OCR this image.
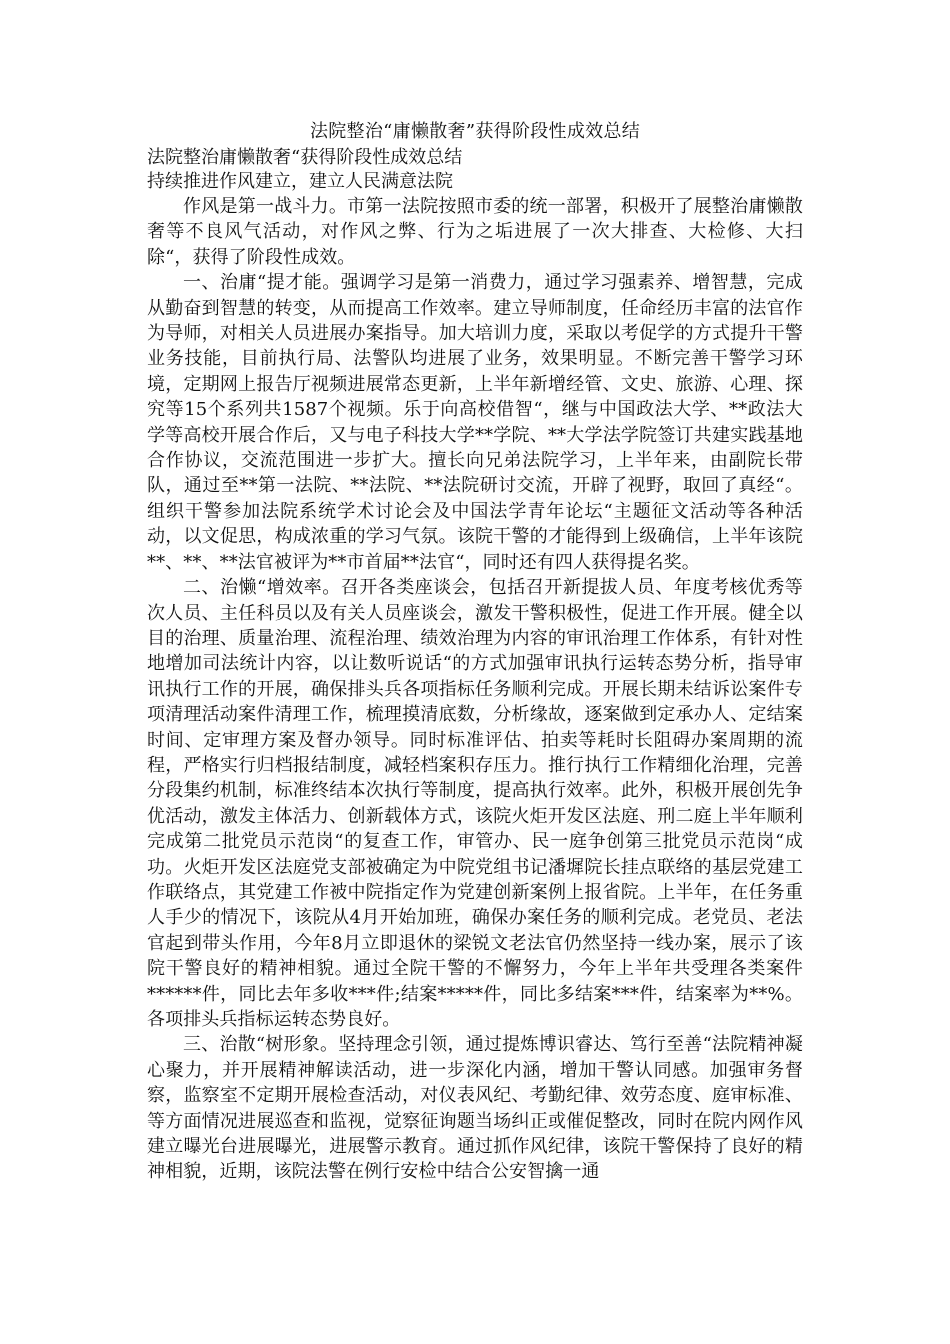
法院整治“庸懒散奢”获得阶段性成效总结

法院整治庸懒散奢“获得阶段性成效总结

持续推进作风建立，建立人民满意法院

作风是第一战斗力。市第一法院按照市委的统一部署，积极开了展整治庸懒散奢等不良风气活动，对作风之弊、行为之垢进展了一次大排查、大检修、大扫除“，获得了阶段性成效。

一、治庸“提才能。强调学习是第一消费力，通过学习强素养、增智慧，完成从勤奋到智慧的转变，从而提高工作效率。建立导师制度，任命经历丰富的法官作为导师，对相关人员进展办案指导。加大培训力度，采取以考促学的方式提升干警业务技能，目前执行局、法警队均进展了业务，效果明显。不断完善干警学习环境，定期网上报告厅视频进展常态更新，上半年新增经管、文史、旅游、心理、探究等15个系列共1587个视频。乐于向高校借智“，继与中国政法大学、**政法大学等高校开展合作后，又与电子科技大学**学院、**大学法学院签订共建实践基地合作协议，交流范围进一步扩大。擅长向兄弟法院学习，上半年来，由副院长带队，通过至**第一法院、**法院、**法院研讨交流，开辟了视野，取回了真经“。组织干警参加法院系统学术讨论会及中国法学青年论坛“主题征文活动等各种活动，以文促思，构成浓重的学习气氛。该院干警的才能得到上级确信，上半年该院**、**、**法官被评为**市首届**法官“，同时还有四人获得提名奖。

二、治懒“增效率。召开各类座谈会，包括召开新提拔人员、年度考核优秀等次人员、主任科员以及有关人员座谈会，激发干警积极性，促进工作开展。健全以目的治理、质量治理、流程治理、绩效治理为内容的审讯治理工作体系，有针对性地增加司法统计内容，以让数听说话“的方式加强审讯执行运转态势分析，指导审讯执行工作的开展，确保排头兵各项指标任务顺利完成。开展长期未结诉讼案件专项清理活动案件清理工作，梳理摸清底数，分析缘故，逐案做到定承办人、定结案时间、定审理方案及督办领导。同时标准评估、拍卖等耗时长阻碍办案周期的流程，严格实行归档报结制度，减轻档案积存压力。推行执行工作精细化治理，完善分段集约机制，标准终结本次执行等制度，提高执行效率。此外，积极开展创先争优活动，激发主体活力、创新载体方式，该院火炬开发区法庭、刑二庭上半年顺利完成第二批党员示范岗“的复查工作，审管办、民一庭争创第三批党员示范岗“成功。火炬开发区法庭党支部被确定为中院党组书记潘墀院长挂点联络的基层党建工作联络点，其党建工作被中院指定作为党建创新案例上报省院。上半年，在任务重人手少的情况下，该院从4月开始加班，确保办案任务的顺利完成。老党员、老法官起到带头作用，今年8月立即退休的梁锐文老法官仍然坚持一线办案，展示了该院干警良好的精神相貌。通过全院干警的不懈努力，今年上半年共受理各类案件******件，同比去年多收***件;结案*****件，同比多结案***件，结案率为**%。各项排头兵指标运转态势良好。

三、治散“树形象。坚持理念引领，通过提炼博识睿达、笃行至善“法院精神凝心聚力，并开展精神解读活动，进一步深化内涵，增加干警认同感。加强审务督察，监察室不定期开展检查活动，对仪表风纪、考勤纪律、效劳态度、庭审标准、等方面情况进展巡查和监视，觉察征询题当场纠正或催促整改，同时在院内网作风建立曝光台进展曝光，进展警示教育。通过抓作风纪律，该院干警保持了良好的精神相貌，近期，该院法警在例行安检中结合公安智擒一通
